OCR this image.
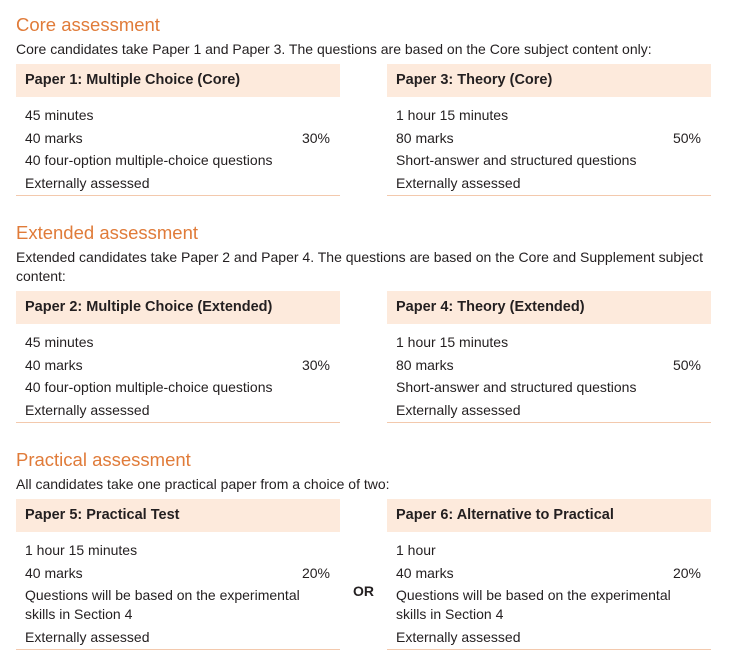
Core assessment

Core candidates take Paper 1 and Paper 3. The questions are based on the Core subject content only:

Paper 1: Multiple Choice (Core)
45 minutes
40 marks	30%
40 four-option multiple-choice questions
Externally assessed
Paper 3: Theory (Core)
1 hour 15 minutes
80 marks	50%
Short-answer and structured questions
Externally assessed
Extended assessment

Extended candidates take Paper 2 and Paper 4. The questions are based on the Core and Supplement subject content:

Paper 2: Multiple Choice (Extended)
45 minutes
40 marks	30%
40 four-option multiple-choice questions
Externally assessed
Paper 4: Theory (Extended)
1 hour 15 minutes
80 marks	50%
Short-answer and structured questions
Externally assessed
Practical assessment

All candidates take one practical paper from a choice of two:

Paper 5: Practical Test
1 hour 15 minutes
40 marks	20%
Questions will be based on the experimental skills in Section 4
Externally assessed
OR
Paper 6: Alternative to Practical
1 hour
40 marks	20%
Questions will be based on the experimental skills in Section 4
Externally assessed
